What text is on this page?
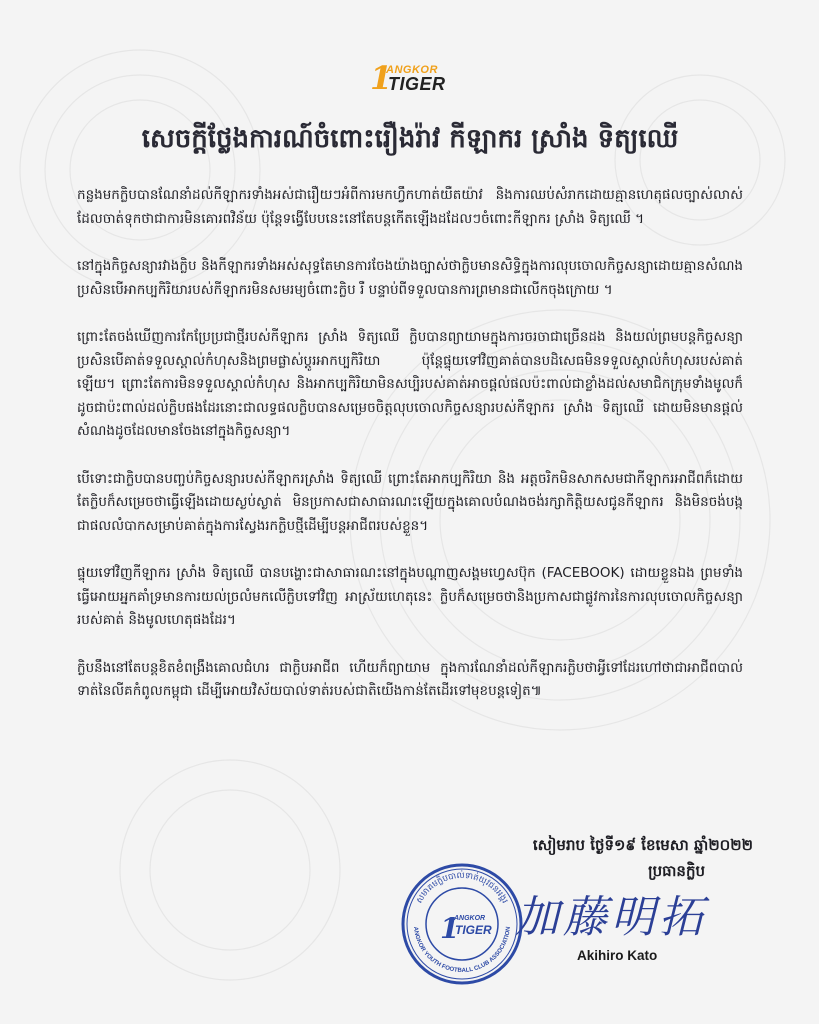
1
ANGKOR
TIGER
សេចក្តីថ្លែងការណ៍ចំពោះរឿងរ៉ាវ កីឡាករ ស្រាំង ទិត្យឈើ

កន្លងមកក្លិបបានណែនាំដល់កីឡាករទាំងអស់ជារឿយៗអំពីការមកហ្វឹកហាត់យឺតយ៉ាវ និងការឈប់សំរាកដោយគ្មានហេតុផលច្បាស់លាស់ដែលចាត់ទុកថាជាការមិនគោរពវិន័យ ប៉ុន្តែទង្វើបែបនេះនៅតែបន្តកើតឡើងដដែលៗចំពោះកីឡាករ ស្រាំង ទិត្យឈើ ។

នៅក្នុងកិច្ចសន្យារវាងក្លិប និងកីឡាករទាំងអស់សុទ្ធតែមានការចែងយ៉ាងច្បាស់ថាក្លិបមានសិទ្ធិក្នុងការលុបចោលកិច្ចសន្យាដោយគ្មានសំណង ប្រសិនបើអាកប្បកិរិយារបស់កីឡាករមិនសមរម្យចំពោះក្លិប រឺ បន្ទាប់ពីទទួលបានការព្រមានជាលើកចុងក្រោយ ។

ព្រោះតែចង់ឃើញការកែប្រែប្រជាថ្មីរបស់កីឡាករ ស្រាំង ទិត្យឈើ ក្លិបបានព្យាយាមក្នុងការចរចាជាច្រើនដង និងយល់ព្រមបន្តកិច្ចសន្យា ប្រសិនបើគាត់ទទួលស្គាល់កំហុសនិងព្រមផ្លាស់ប្តូរអាកប្បកិរិយា ប៉ុន្តែផ្ទុយទៅវិញគាត់បានបដិសេធមិនទទួលស្គាល់កំហុសរបស់គាត់ឡើយ។ ព្រោះតែការមិនទទួលស្គាល់កំហុស និងអាកប្បកិរិយាមិនសប្បិរបស់គាត់អាចផ្តល់ផលប៉ះពាល់ជាខ្លាំងដល់សមាជិកក្រុមទាំងមូលក៏ដូចជាប៉ះពាល់ដល់ក្លិបផងដែរនោះជាលទ្ធផលក្លិបបានសម្រេចចិត្តលុបចោលកិច្ចសន្យារបស់កីឡាករ ស្រាំង ទិត្យឈើ ដោយមិនមានផ្តល់សំណងដូចដែលមានចែងនៅក្នុងកិច្ចសន្យា។

បើទោះជាក្លិបបានបញ្ចប់កិច្ចសន្យារបស់កីឡាករស្រាំង ទិត្យឈើ ព្រោះតែអាកប្បកិរិយា និង អត្តចរិកមិនសាកសមជាកីឡាករអាជីពក៏ដោយ តែក្លិបក៏សម្រេចថាធ្វើឡើងដោយស្ងប់ស្ងាត់ មិនប្រកាសជាសាធារណះឡើយក្នុងគោលបំណងចង់រក្សាកិត្តិយសជូនកីឡាករ និងមិនចង់បង្កជាផលលំបាកសម្រាប់គាត់ក្នុងការស្វែងរកក្លិបថ្មីដើម្បីបន្តអាជីពរបស់ខ្លួន។

ផ្ទុយទៅវិញកីឡាករ ស្រាំង ទិត្យឈើ បានបង្ហោះជាសាធារណះនៅក្នុងបណ្តាញសង្គមហ្វេសប៊ុក (FACEBOOK) ដោយខ្លួនឯង ព្រមទាំងធ្វើអោយអ្នកគាំទ្រមានការយល់ច្រលំមកលើក្លិបទៅវិញ អាស្រ័យហេតុនេះ ក្លិបក៏សម្រេចថានិងប្រកាសជាផ្លូវការនៃការលុបចោលកិច្ចសន្យារបស់គាត់ និងមូលហេតុផងដែរ។

ក្លិបនឹងនៅតែបន្តខិតខំពង្រឹងគោលជំហរ ជាក្លិបអាជីព ហើយក៏ព្យាយាម ក្នុងការណែនាំដល់កីឡាករក្លិបថាអ្វីទៅដែរហៅថាជាអាជីពបាល់ទាត់នៃលីគកំពូលកម្ពុជា ដើម្បីអោយវិស័យបាល់ទាត់របស់ជាតិយើងកាន់តែដើរទៅមុខបន្តទៀត៕

សៀមរាប ថ្ងៃទី១៩ ខែមេសា ឆ្នាំ២០២២
ប្រធានក្លិប
សមាគមក្លិបបាល់ទាត់យុវជនអង្គរ
ANGKOR YOUTH FOOTBALL CLUB ASSOCIATION
1
ANGKOR
TIGER 加藤明拓
Akihiro Kato
